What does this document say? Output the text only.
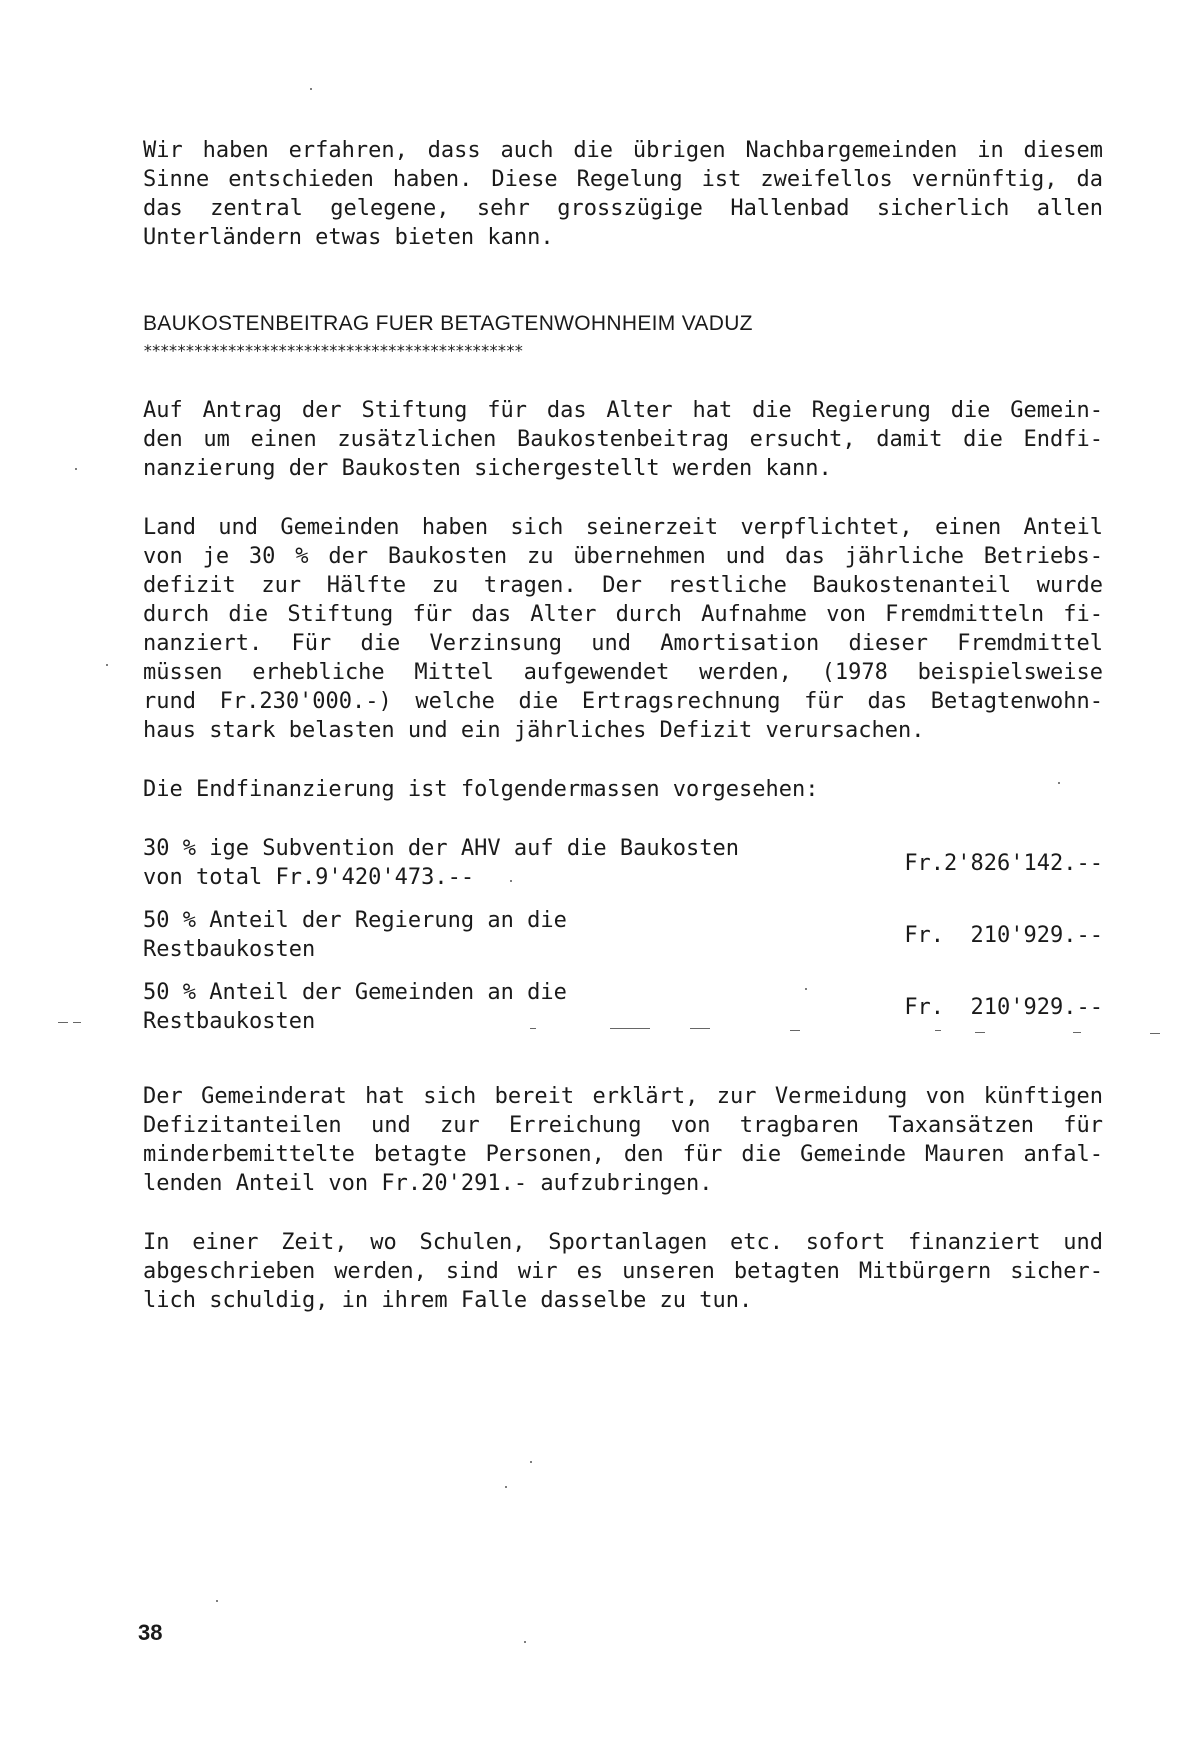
Wir haben erfahren, dass auch die übrigen Nachbargemeinden in diesem
Sinne entschieden haben. Diese Regelung ist zweifellos vernünftig, da
das zentral gelegene, sehr grosszügige Hallenbad sicherlich allen
Unterländern etwas bieten kann.
BAUKOSTENBEITRAG FUER BETAGTENWOHNHEIM VADUZ
*********************************************
Auf Antrag der Stiftung für das Alter hat die Regierung die Gemein-
den um einen zusätzlichen Baukostenbeitrag ersucht, damit die Endfi-
nanzierung der Baukosten sichergestellt werden kann.
Land und Gemeinden haben sich seinerzeit verpflichtet, einen Anteil
von je 30 % der Baukosten zu übernehmen und das jährliche Betriebs-
defizit zur Hälfte zu tragen. Der restliche Baukostenanteil wurde
durch die Stiftung für das Alter durch Aufnahme von Fremdmitteln fi-
nanziert. Für die Verzinsung und Amortisation dieser Fremdmittel
müssen erhebliche Mittel aufgewendet werden, (1978 beispielsweise
rund Fr.230'000.-) welche die Ertragsrechnung für das Betagtenwohn-
haus stark belasten und ein jährliches Defizit verursachen.
Die Endfinanzierung ist folgendermassen vorgesehen:
30 % ige Subvention der AHV auf die Baukosten
von total Fr.9'420'473.--
Fr.2'826'142.--
50 % Anteil der Regierung an die
Restbaukosten
Fr.  210'929.--
50 % Anteil der Gemeinden an die
Restbaukosten
Fr.  210'929.--
Der Gemeinderat hat sich bereit erklärt, zur Vermeidung von künftigen
Defizitanteilen und zur Erreichung von tragbaren Taxansätzen für
minderbemittelte betagte Personen, den für die Gemeinde Mauren anfal-
lenden Anteil von Fr.20'291.- aufzubringen.
In einer Zeit, wo Schulen, Sportanlagen etc. sofort finanziert und
abgeschrieben werden, sind wir es unseren betagten Mitbürgern sicher-
lich schuldig, in ihrem Falle dasselbe zu tun.
38
